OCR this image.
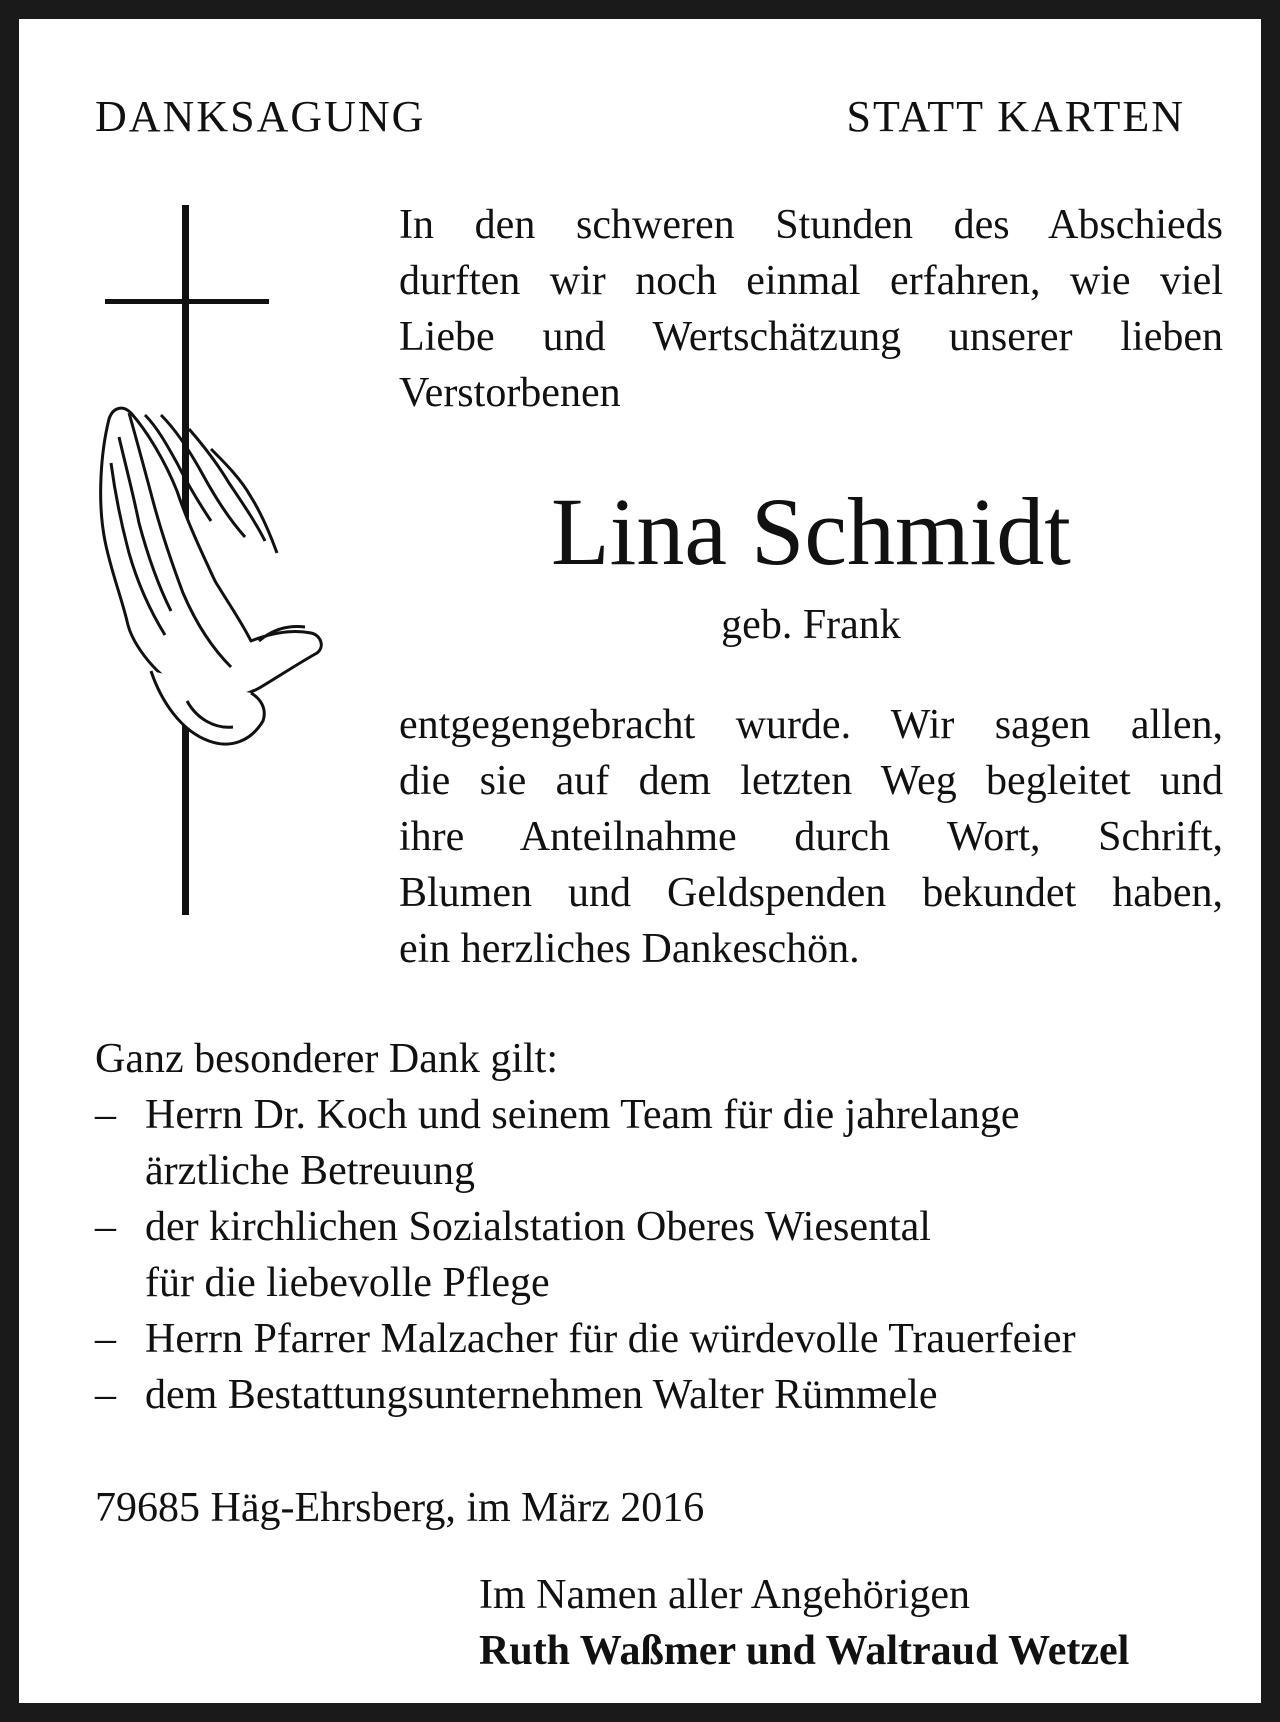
DANKSAGUNG	STATT KARTEN
In den schweren Stunden des Abschieds
durften wir noch einmal erfahren, wie viel
Liebe und Wertschätzung unserer lieben
Verstorbenen
Lina Schmidt
geb. Frank
entgegengebracht wurde. Wir sagen allen,
die sie auf dem letzten Weg begleitet und
ihre Anteilnahme durch Wort, Schrift,
Blumen und Geldspenden bekundet haben,
ein herzliches Dankeschön.
Ganz besonderer Dank gilt:
– Herrn Dr. Koch und seinem Team für die jahrelange
ärztliche Betreuung
– der kirchlichen Sozialstation Oberes Wiesental
für die liebevolle Pflege
– Herrn Pfarrer Malzacher für die würdevolle Trauerfeier
– dem Bestattungsunternehmen Walter Rümmele
79685 Häg-Ehrsberg, im März 2016
Im Namen aller Angehörigen
Ruth Waßmer und Waltraud Wetzel
